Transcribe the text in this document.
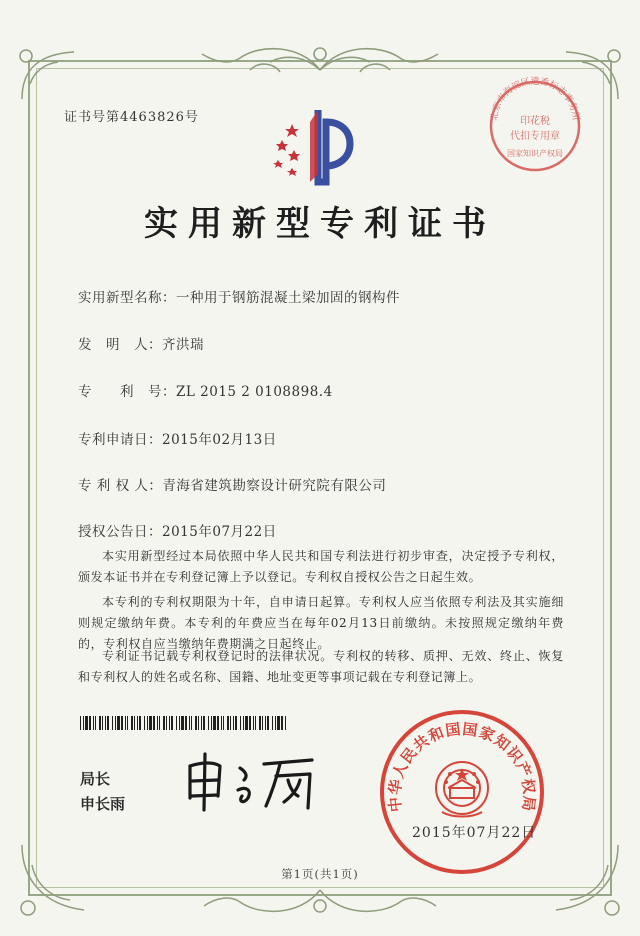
证书号第4463826号	北京市海淀区遗香标志事务所
印花税
代扣专用章
国家知识产权局
实用新型专利证书
实用新型名称：一种用于钢筋混凝土梁加固的钢构件
发　明　人：齐洪瑞
专　　利　号：ZL 2015 2 0108898.4
专利申请日：2015年02月13日
专 利 权 人：青海省建筑勘察设计研究院有限公司
授权公告日：2015年07月22日
本实用新型经过本局依照中华人民共和国专利法进行初步审查，决定授予专利权，颁发本证书并在专利登记簿上予以登记。专利权自授权公告之日起生效。
本专利的专利权期限为十年，自申请日起算。专利权人应当依照专利法及其实施细则规定缴纳年费。本专利的年费应当在每年02月13日前缴纳。未按照规定缴纳年费的，专利权自应当缴纳年费期满之日起终止。
专利证书记载专利权登记时的法律状况。专利权的转移、质押、无效、终止、恢复和专利权人的姓名或名称、国籍、地址变更等事项记载在专利登记簿上。
局长
申长雨	中华人民共和国国家知识产权局
2015年07月22日
第1页(共1页)
